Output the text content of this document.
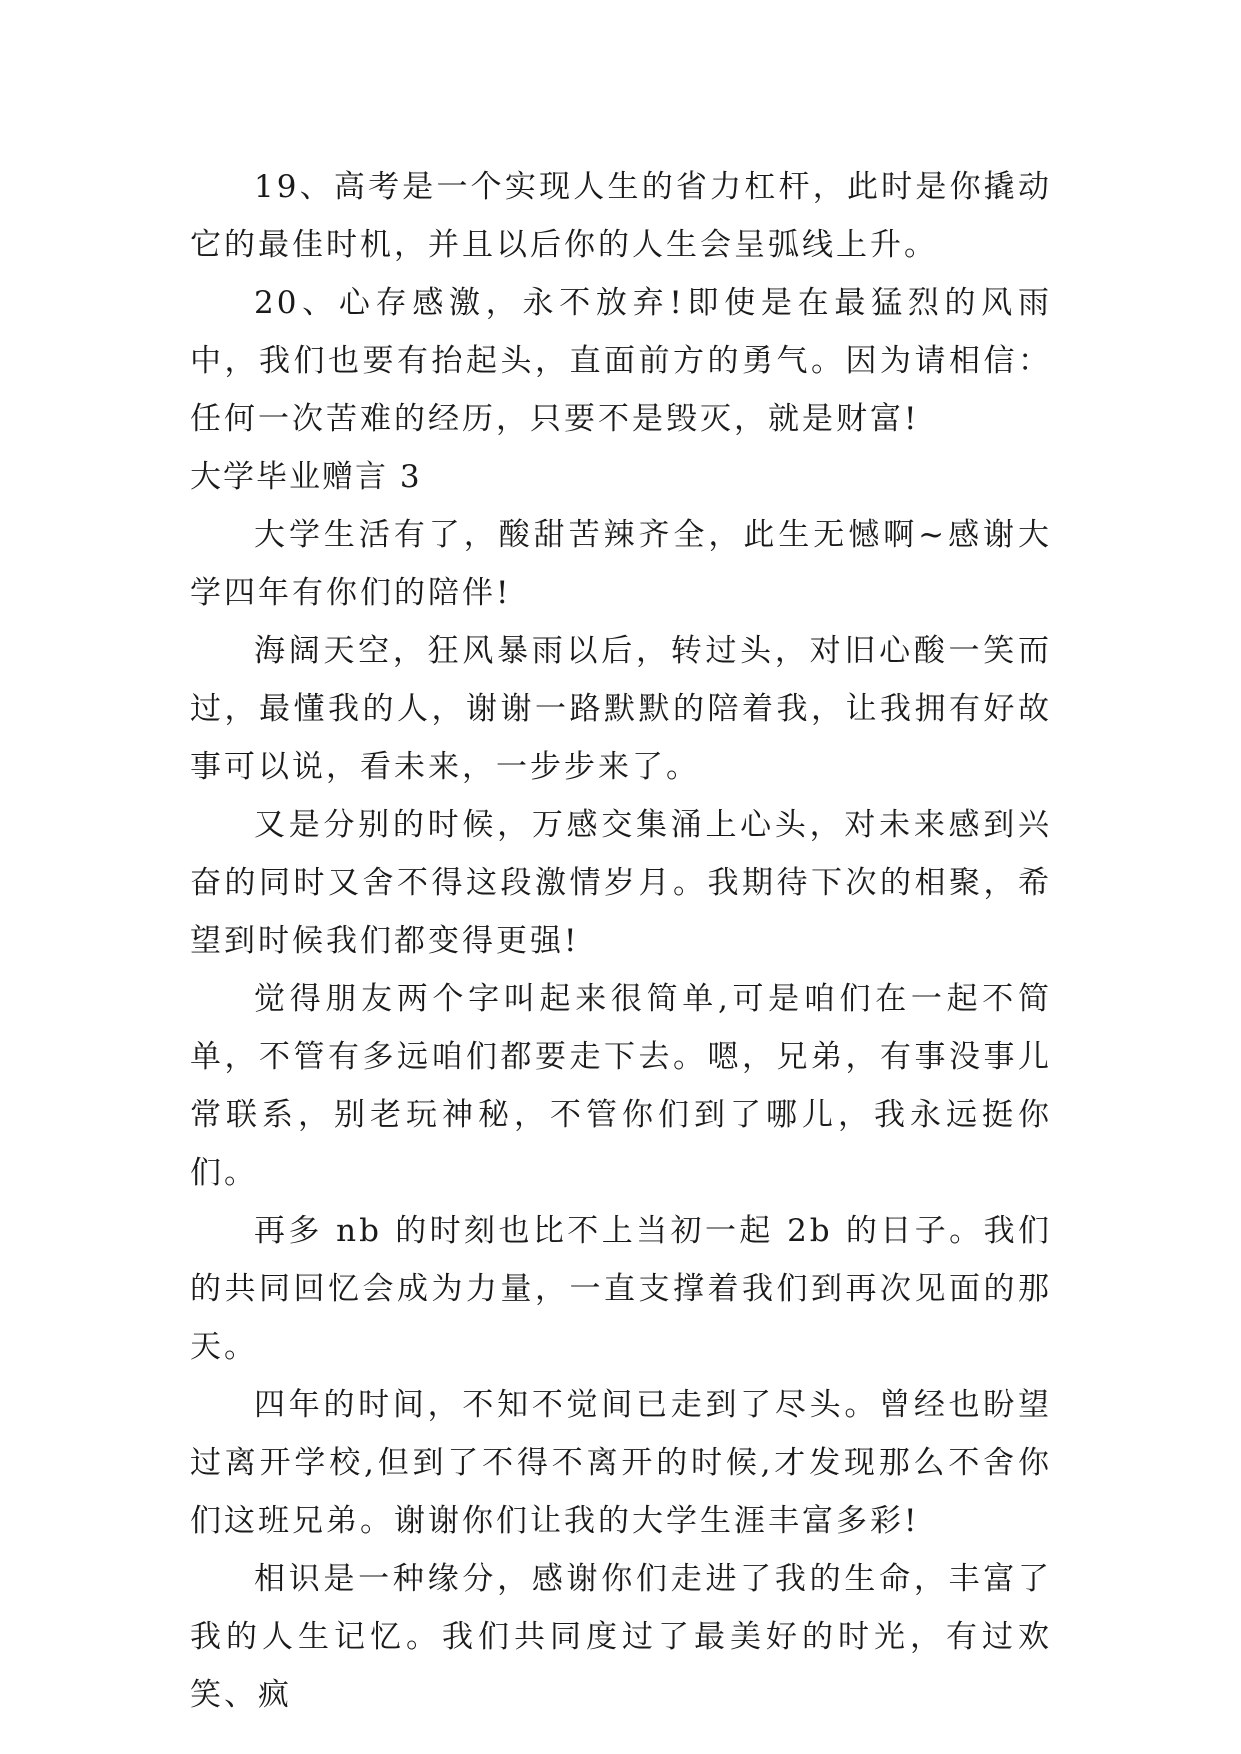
19、高考是一个实现人生的省力杠杆，此时是你撬动它的最佳时机，并且以后你的人生会呈弧线上升。

20、心存感激，永不放弃!即使是在最猛烈的风雨中，我们也要有抬起头，直面前方的勇气。因为请相信：任何一次苦难的经历，只要不是毁灭，就是财富!

大学毕业赠言 3

大学生活有了，酸甜苦辣齐全，此生无憾啊~感谢大学四年有你们的陪伴!

海阔天空，狂风暴雨以后，转过头，对旧心酸一笑而过，最懂我的人，谢谢一路默默的陪着我，让我拥有好故事可以说，看未来，一步步来了。

又是分别的时候，万感交集涌上心头，对未来感到兴奋的同时又舍不得这段激情岁月。我期待下次的相聚，希望到时候我们都变得更强!

觉得朋友两个字叫起来很简单,可是咱们在一起不简单，不管有多远咱们都要走下去。嗯，兄弟，有事没事儿常联系，别老玩神秘，不管你们到了哪儿，我永远挺你们。

再多 nb 的时刻也比不上当初一起 2b 的日子。我们的共同回忆会成为力量，一直支撑着我们到再次见面的那天。

四年的时间，不知不觉间已走到了尽头。曾经也盼望过离开学校,但到了不得不离开的时候,才发现那么不舍你们这班兄弟。谢谢你们让我的大学生涯丰富多彩!

相识是一种缘分，感谢你们走进了我的生命，丰富了我的人生记忆。我们共同度过了最美好的时光，有过欢笑、疯
